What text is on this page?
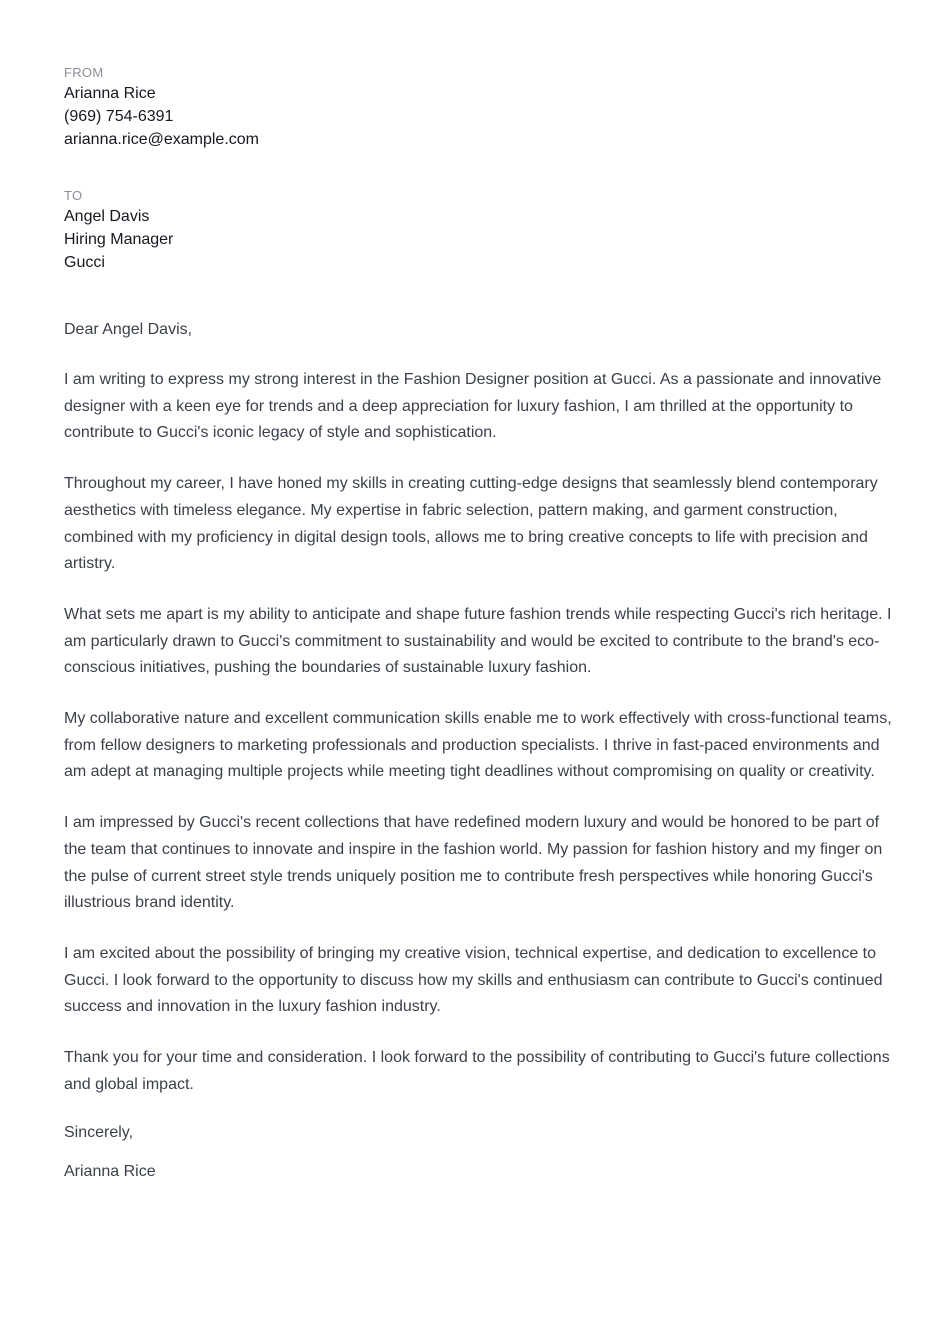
FROM

Arianna Rice

(969) 754-6391

arianna.rice@example.com

TO

Angel Davis

Hiring Manager

Gucci

Dear Angel Davis,

I am writing to express my strong interest in the Fashion Designer position at Gucci. As a passionate and innovative designer with a keen eye for trends and a deep appreciation for luxury fashion, I am thrilled at the opportunity to contribute to Gucci's iconic legacy of style and sophistication.

Throughout my career, I have honed my skills in creating cutting-edge designs that seamlessly blend contemporary aesthetics with timeless elegance. My expertise in fabric selection, pattern making, and garment construction, combined with my proficiency in digital design tools, allows me to bring creative concepts to life with precision and artistry.

What sets me apart is my ability to anticipate and shape future fashion trends while respecting Gucci's rich heritage. I am particularly drawn to Gucci's commitment to sustainability and would be excited to contribute to the brand's eco-conscious initiatives, pushing the boundaries of sustainable luxury fashion.

My collaborative nature and excellent communication skills enable me to work effectively with cross-functional teams, from fellow designers to marketing professionals and production specialists. I thrive in fast-paced environments and am adept at managing multiple projects while meeting tight deadlines without compromising on quality or creativity.

I am impressed by Gucci's recent collections that have redefined modern luxury and would be honored to be part of the team that continues to innovate and inspire in the fashion world. My passion for fashion history and my finger on the pulse of current street style trends uniquely position me to contribute fresh perspectives while honoring Gucci's illustrious brand identity.

I am excited about the possibility of bringing my creative vision, technical expertise, and dedication to excellence to Gucci. I look forward to the opportunity to discuss how my skills and enthusiasm can contribute to Gucci's continued success and innovation in the luxury fashion industry.

Thank you for your time and consideration. I look forward to the possibility of contributing to Gucci's future collections and global impact.

Sincerely,
Arianna Rice
